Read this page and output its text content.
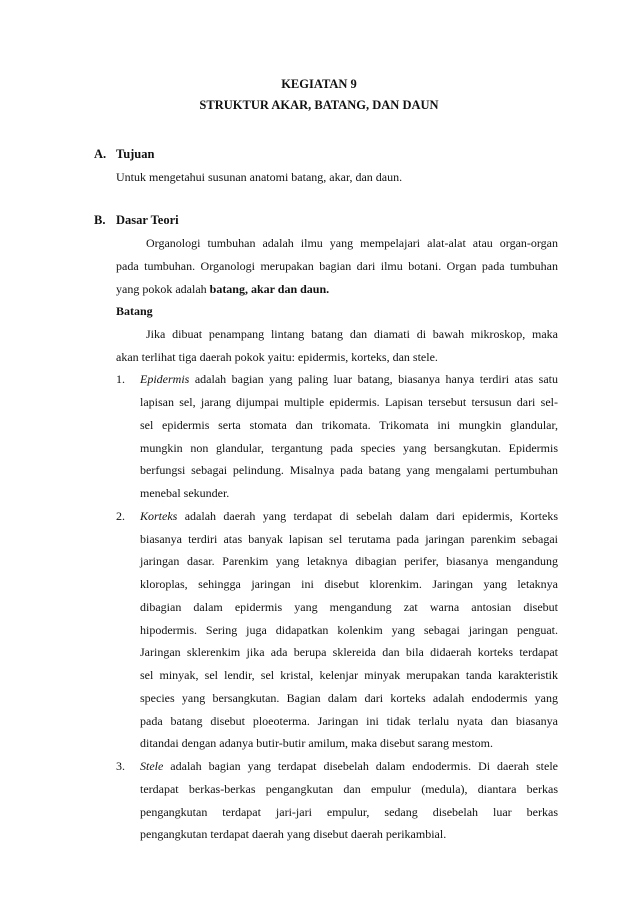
KEGIATAN 9
STRUKTUR AKAR, BATANG, DAN DAUN
A. Tujuan
Untuk mengetahui susunan anatomi batang, akar, dan daun.
B. Dasar Teori
Organologi tumbuhan adalah ilmu yang mempelajari alat-alat atau organ-organ
pada tumbuhan. Organologi merupakan bagian dari ilmu botani. Organ pada tumbuhan
yang pokok adalah batang, akar dan daun.
Batang
Jika dibuat penampang lintang batang dan diamati di bawah mikroskop, maka
akan terlihat tiga daerah pokok yaitu: epidermis, korteks, dan stele.
1. Epidermis adalah bagian yang paling luar batang, biasanya hanya terdiri atas satu
lapisan sel, jarang dijumpai multiple epidermis. Lapisan tersebut tersusun dari sel-
sel epidermis serta stomata dan trikomata. Trikomata ini mungkin glandular,
mungkin non glandular, tergantung pada species yang bersangkutan. Epidermis
berfungsi sebagai pelindung. Misalnya pada batang yang mengalami pertumbuhan
menebal sekunder.
2. Korteks adalah daerah yang terdapat di sebelah dalam dari epidermis, Korteks
biasanya terdiri atas banyak lapisan sel terutama pada jaringan parenkim sebagai
jaringan dasar. Parenkim yang letaknya dibagian perifer, biasanya mengandung
kloroplas, sehingga jaringan ini disebut klorenkim. Jaringan yang letaknya
dibagian dalam epidermis yang mengandung zat warna antosian disebut
hipodermis. Sering juga didapatkan kolenkim yang sebagai jaringan penguat.
Jaringan sklerenkim jika ada berupa sklereida dan bila didaerah korteks terdapat
sel minyak, sel lendir, sel kristal, kelenjar minyak merupakan tanda karakteristik
species yang bersangkutan. Bagian dalam dari korteks adalah endodermis yang
pada batang disebut ploeoterma. Jaringan ini tidak terlalu nyata dan biasanya
ditandai dengan adanya butir-butir amilum, maka disebut sarang mestom.
3. Stele adalah bagian yang terdapat disebelah dalam endodermis. Di daerah stele
terdapat berkas-berkas pengangkutan dan empulur (medula), diantara berkas
pengangkutan terdapat jari-jari empulur, sedang disebelah luar berkas
pengangkutan terdapat daerah yang disebut daerah perikambial.
